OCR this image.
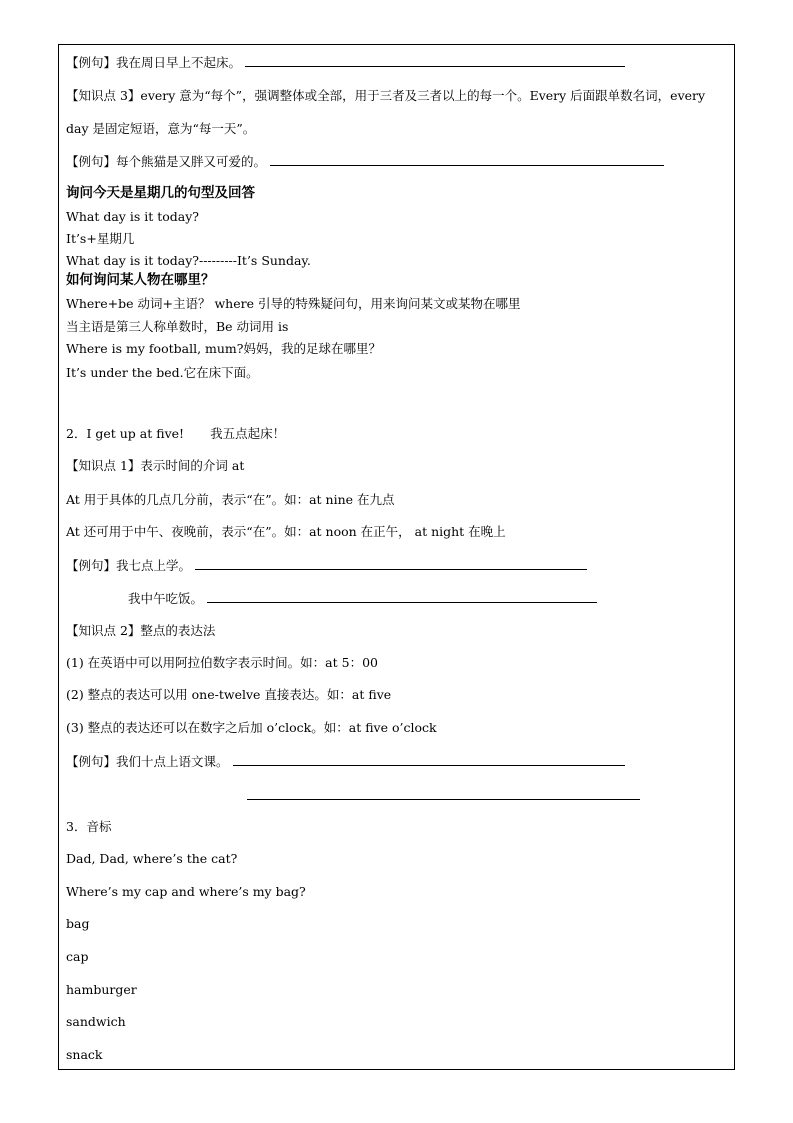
【例句】我在周日早上不起床。
【知识点 3】every 意为“每个”，强调整体或全部，用于三者及三者以上的每一个。Every 后面跟单数名词，every
day 是固定短语，意为“每一天”。
【例句】每个熊猫是又胖又可爱的。
询问今天是星期几的句型及回答
What day is it today?
It’s+星期几
What day is it today?---------It’s Sunday.
如何询问某人物在哪里？
Where+be 动词+主语？ where 引导的特殊疑问句，用来询问某文或某物在哪里
当主语是第三人称单数时，Be 动词用 is
Where is my football, mum?妈妈，我的足球在哪里？
It’s under the bed.它在床下面。
2．I get up at five! 我五点起床！
【知识点 1】表示时间的介词 at
At 用于具体的几点几分前，表示“在”。如：at nine 在九点
At 还可用于中午、夜晚前，表示“在”。如：at noon 在正午， at night 在晚上
【例句】我七点上学。
我中午吃饭。
【知识点 2】整点的表达法
(1) 在英语中可以用阿拉伯数字表示时间。如：at 5：00
(2) 整点的表达可以用 one-twelve 直接表达。如：at five
(3) 整点的表达还可以在数字之后加 o’clock。如：at five o’clock
【例句】我们十点上语文课。
3．音标
Dad, Dad, where’s the cat?
Where’s my cap and where’s my bag?
bag
cap
hamburger
sandwich
snack
